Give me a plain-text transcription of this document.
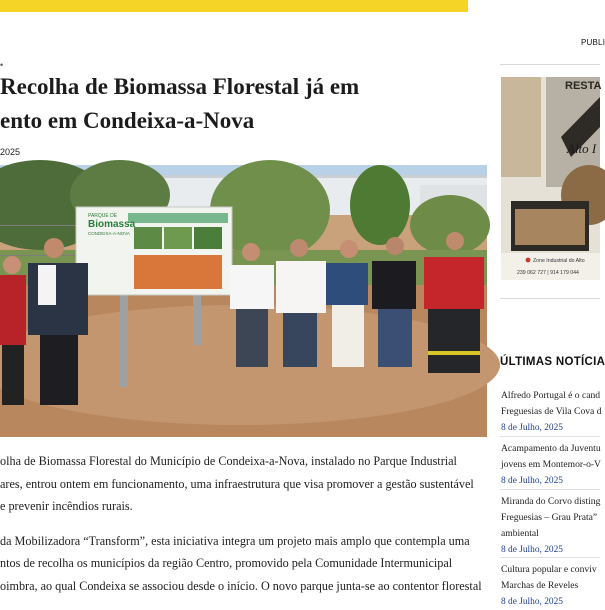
•
PUBLI
Recolha de Biomassa Florestal já em
ento em Condeixa-a-Nova
2025
PARQUE DE
Biomassa
CONDEIXA-A-NOVA

olha de Biomassa Florestal do Município de Condeixa-a-Nova, instalado no Parque Industrial
ares, entrou ontem em funcionamento, uma infraestrutura que visa promover a gestão sustentável
e prevenir incêndios rurais.

da Mobilizadora “Transform”, esta iniciativa integra um projeto mais amplo que contempla uma
ntos de recolha os municípios da região Centro, promovido pela Comunidade Intermunicipal
oimbra, ao qual Condeixa se associou desde o início. O novo parque junta-se ao contentor florestal

RESTA
Alto I
Zone Industrial do Alto
239 062 727 | 914 179 044
ÚLTIMAS NOTÍCIA
Alfredo Portugal é o cand
Freguesias de Vila Cova d
8 de Julho, 2025
Acampamento da Juventu
jovens em Montemor-o-V
8 de Julho, 2025
Miranda do Corvo disting
Freguesias – Grau Prata”
ambiental
8 de Julho, 2025
Cultura popular e conviv
Marchas de Reveles
8 de Julho, 2025
